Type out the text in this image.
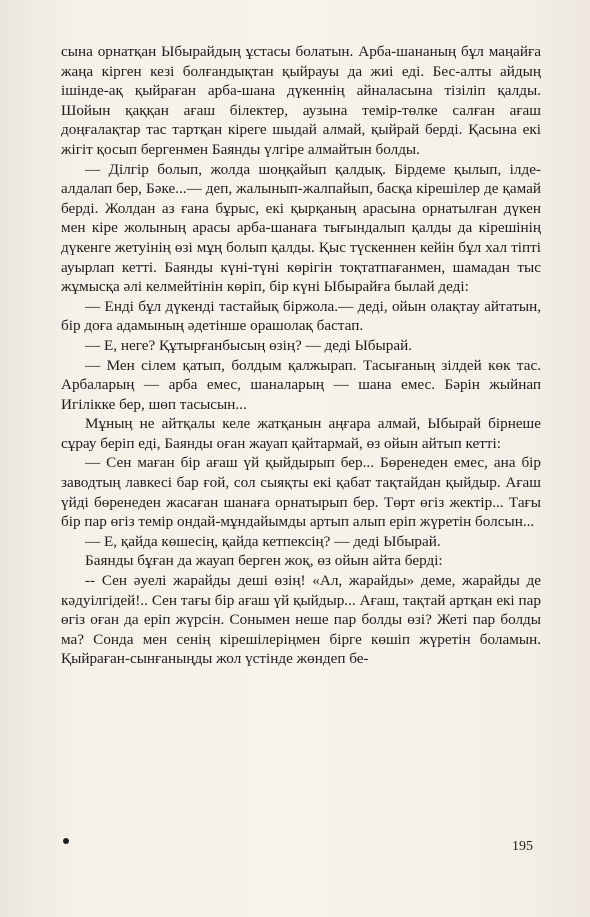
сына орнатқан Ыбырайдың ұстасы болатын. Арба-шананың бұл маңайға жаңа кірген кезі болғандықтан қыйрауы да жиі еді. Бес-алты айдың ішінде-ақ қыйраған арба-шана дүкеннің айналасына тізіліп қалды. Шойын қаққан ағаш білектер, аузына темір-төлке салған ағаш доңғалақтар тас тартқан кіреге шыдай алмай, қыйрай берді. Қасына екі жігіт қосып бергенмен Баянды үлгіре алмайтын болды.

— Ділгір болып, жолда шоңқайып қалдық. Бірдеме қылып, ілде-алдалап бер, Бәке...— деп, жалынып-жалпайып, басқа кірешілер де қамай берді. Жолдан аз ғана бұрыс, екі қырқаның арасына орнатылған дүкен мен кіре жолының арасы арба-шанаға тығындалып қалды да кірешінің дүкенге жетуінің өзі мұң болып қалды. Қыс түскеннен кейін бұл хал тіпті ауырлап кетті. Баянды күні-түні көрігін тоқтатпағанмен, шамадан тыс жұмысқа әлі келмейтінін көріп, бір күні Ыбырайға былай деді:

— Енді бұл дүкенді тастайық біржола.— деді, ойын олақтау айтатын, бір доға адамының әдетінше орашолақ бастап.

— Е, неге? Құтырғанбысың өзің? — деді Ыбырай.

— Мен сілем қатып, болдым қалжырап. Тасығаның зілдей көк тас. Арбаларың — арба емес, шаналарың — шана емес. Бәрін жыйнап Игілікке бер, шөп тасысын...

Мұның не айтқалы келе жатқанын аңғара алмай, Ыбырай бірнеше сұрау беріп еді, Баянды оған жауап қайтармай, өз ойын айтып кетті:

— Сен маған бір ағаш үй қыйдырып бер... Бөренеден емес, ана бір заводтың лавкесі бар ғой, сол сыяқты екі қабат тақтайдан қыйдыр. Ағаш үйді бөренеден жасаған шанаға орнатырып бер. Төрт өгіз жектір... Тағы бір пар өгіз темір ондай-мұндайымды артып алып еріп жүретін болсын...

— Е, қайда көшесің, қайда кетпексің? — деді Ыбырай.

Баянды бұған да жауап берген жоқ, өз ойын айта берді:

-- Сен әуелі жарайды деші өзің! «Ал, жарайды» деме, жарайды де кәдуілгідей!.. Сен тағы бір ағаш үй қыйдыр... Ағаш, тақтай артқан екі пар өгіз оған да еріп жүрсін. Сонымен неше пар болды өзі? Жеті пар болды ма? Сонда мен сенің кірешілеріңмен бірге көшіп жүретін боламын. Қыйраған-сынғаныңды жол үстінде жөндеп бе-

195
